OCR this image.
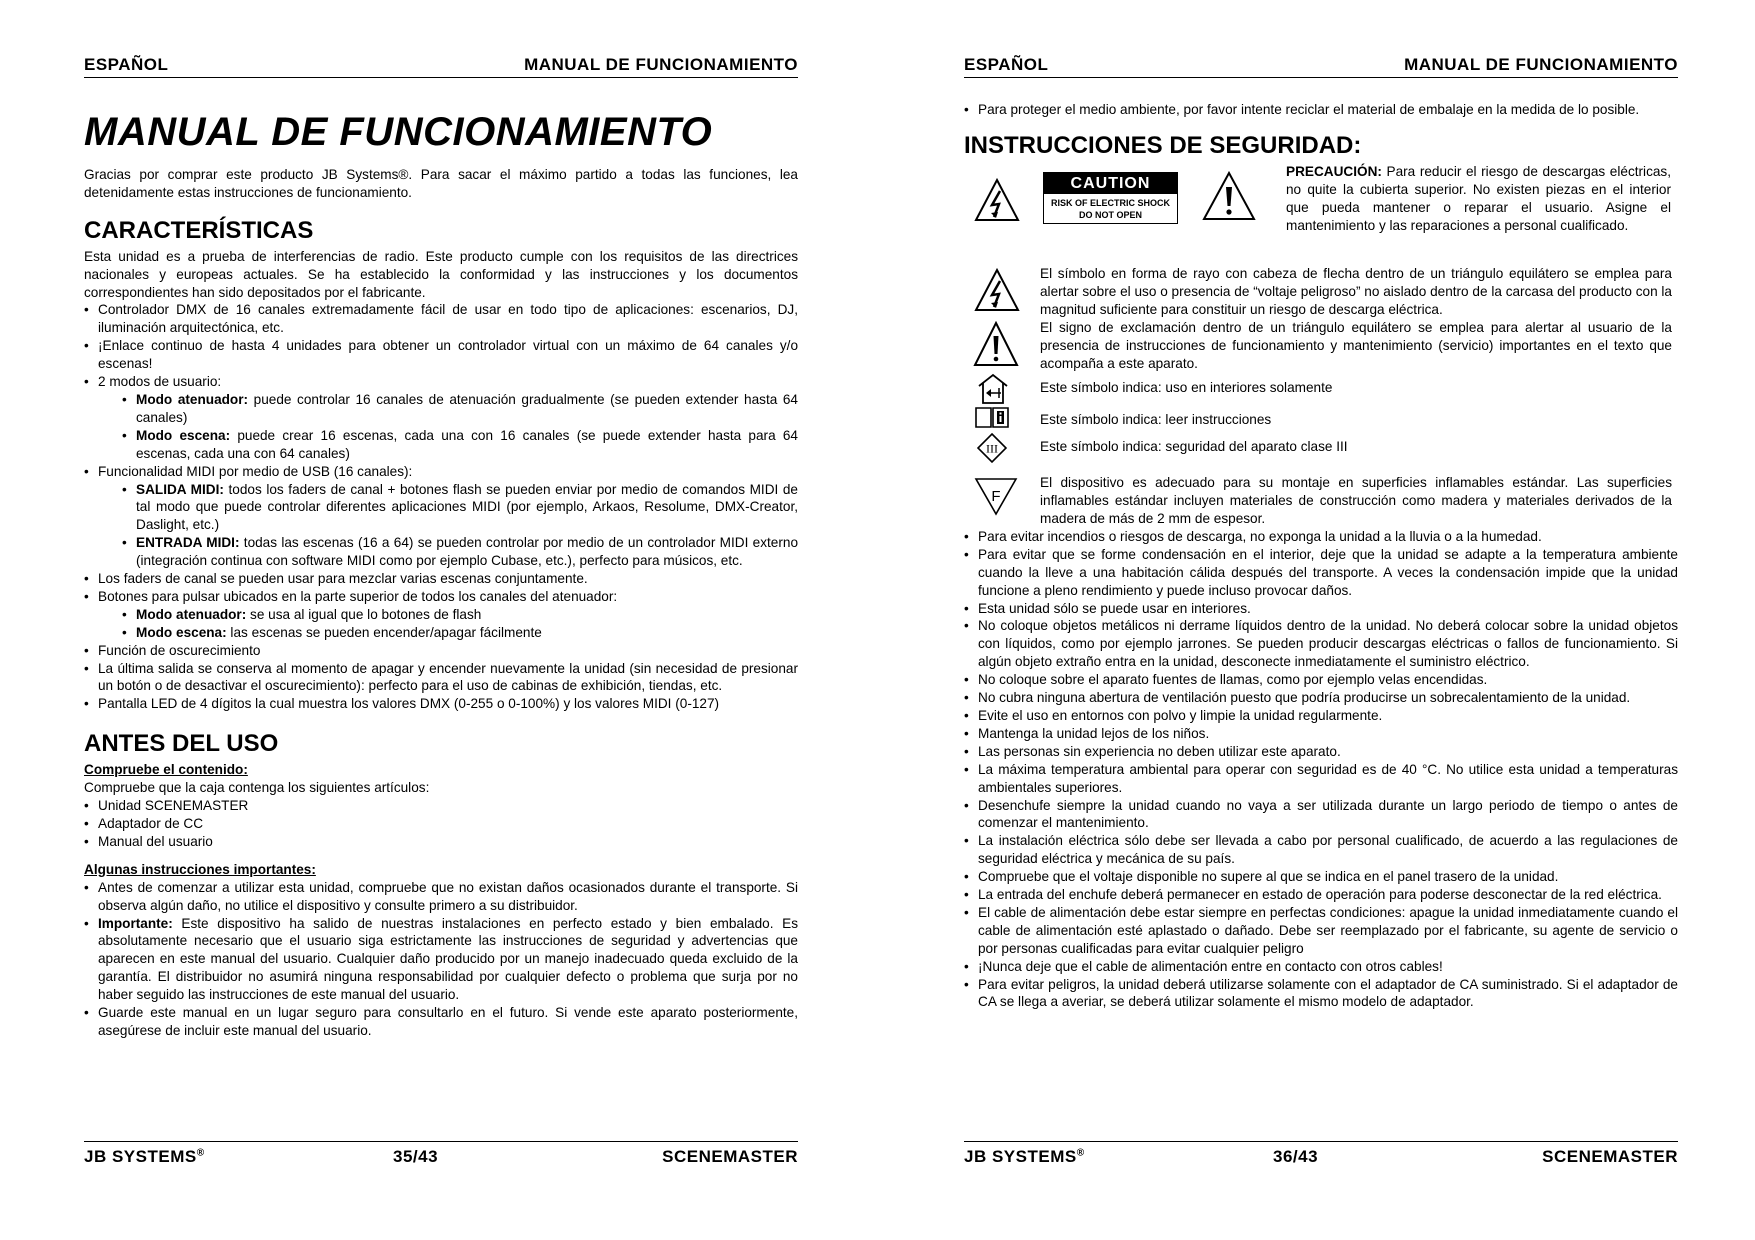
ESPAÑOL	MANUAL DE FUNCIONAMIENTO
MANUAL DE FUNCIONAMIENTO

Gracias por comprar este producto JB Systems®. Para sacar el máximo partido a todas las funciones, lea detenidamente estas instrucciones de funcionamiento.

CARACTERÍSTICAS

Esta unidad es a prueba de interferencias de radio. Este producto cumple con los requisitos de las directrices nacionales y europeas actuales. Se ha establecido la conformidad y las instrucciones y los documentos correspondientes han sido depositados por el fabricante.

• Controlador DMX de 16 canales extremadamente fácil de usar en todo tipo de aplicaciones: escenarios, DJ, iluminación arquitectónica, etc.
• ¡Enlace continuo de hasta 4 unidades para obtener un controlador virtual con un máximo de 64 canales y/o escenas!
• 2 modos de usuario:
• Modo atenuador: puede controlar 16 canales de atenuación gradualmente (se pueden extender hasta 64 canales)
• Modo escena: puede crear 16 escenas, cada una con 16 canales (se puede extender hasta para 64 escenas, cada una con 64 canales)
• Funcionalidad MIDI por medio de USB (16 canales):
• SALIDA MIDI: todos los faders de canal + botones flash se pueden enviar por medio de comandos MIDI de tal modo que puede controlar diferentes aplicaciones MIDI (por ejemplo, Arkaos, Resolume, DMX-Creator, Daslight, etc.)
• ENTRADA MIDI: todas las escenas (16 a 64) se pueden controlar por medio de un controlador MIDI externo (integración continua con software MIDI como por ejemplo Cubase, etc.), perfecto para músicos, etc.
• Los faders de canal se pueden usar para mezclar varias escenas conjuntamente.
• Botones para pulsar ubicados en la parte superior de todos los canales del atenuador:
• Modo atenuador: se usa al igual que lo botones de flash
• Modo escena: las escenas se pueden encender/apagar fácilmente
• Función de oscurecimiento
• La última salida se conserva al momento de apagar y encender nuevamente la unidad (sin necesidad de presionar un botón o de desactivar el oscurecimiento): perfecto para el uso de cabinas de exhibición, tiendas, etc.
• Pantalla LED de 4 dígitos la cual muestra los valores DMX (0-255 o 0-100%) y los valores MIDI (0-127)
ANTES DEL USO

Compruebe el contenido:

Compruebe que la caja contenga los siguientes artículos:

• Unidad SCENEMASTER
• Adaptador de CC
• Manual del usuario

Algunas instrucciones importantes:

• Antes de comenzar a utilizar esta unidad, compruebe que no existan daños ocasionados durante el transporte. Si observa algún daño, no utilice el dispositivo y consulte primero a su distribuidor.
• Importante: Este dispositivo ha salido de nuestras instalaciones en perfecto estado y bien embalado. Es absolutamente necesario que el usuario siga estrictamente las instrucciones de seguridad y advertencias que aparecen en este manual del usuario. Cualquier daño producido por un manejo inadecuado queda excluido de la garantía. El distribuidor no asumirá ninguna responsabilidad por cualquier defecto o problema que surja por no haber seguido las instrucciones de este manual del usuario.
• Guarde este manual en un lugar seguro para consultarlo en el futuro. Si vende este aparato posteriormente, asegúrese de incluir este manual del usuario.
JB SYSTEMS®	35/43	SCENEMASTER
ESPAÑOL	MANUAL DE FUNCIONAMIENTO
• Para proteger el medio ambiente, por favor intente reciclar el material de embalaje en la medida de lo posible.
INSTRUCCIONES DE SEGURIDAD:
CAUTION
RISK OF ELECTRIC SHOCK
DO NOT OPEN

PRECAUCIÓN: Para reducir el riesgo de descargas eléctricas, no quite la cubierta superior. No existen piezas en el interior que pueda mantener o reparar el usuario. Asigne el mantenimiento y las reparaciones a personal cualificado.

El símbolo en forma de rayo con cabeza de flecha dentro de un triángulo equilátero se emplea para alertar sobre el uso o presencia de “voltaje peligroso” no aislado dentro de la carcasa del producto con la magnitud suficiente para constituir un riesgo de descarga eléctrica.

El signo de exclamación dentro de un triángulo equilátero se emplea para alertar al usuario de la presencia de instrucciones de funcionamiento y mantenimiento (servicio) importantes en el texto que acompaña a este aparato.

Este símbolo indica: uso en interiores solamente

Este símbolo indica: leer instrucciones

III	Este símbolo indica: seguridad del aparato clase III

F

El dispositivo es adecuado para su montaje en superficies inflamables estándar. Las superficies inflamables estándar incluyen materiales de construcción como madera y materiales derivados de la madera de más de 2 mm de espesor.

• Para evitar incendios o riesgos de descarga, no exponga la unidad a la lluvia o a la humedad.
• Para evitar que se forme condensación en el interior, deje que la unidad se adapte a la temperatura ambiente cuando la lleve a una habitación cálida después del transporte. A veces la condensación impide que la unidad funcione a pleno rendimiento y puede incluso provocar daños.
• Esta unidad sólo se puede usar en interiores.
• No coloque objetos metálicos ni derrame líquidos dentro de la unidad. No deberá colocar sobre la unidad objetos con líquidos, como por ejemplo jarrones. Se pueden producir descargas eléctricas o fallos de funcionamiento. Si algún objeto extraño entra en la unidad, desconecte inmediatamente el suministro eléctrico.
• No coloque sobre el aparato fuentes de llamas, como por ejemplo velas encendidas.
• No cubra ninguna abertura de ventilación puesto que podría producirse un sobrecalentamiento de la unidad.
• Evite el uso en entornos con polvo y limpie la unidad regularmente.
• Mantenga la unidad lejos de los niños.
• Las personas sin experiencia no deben utilizar este aparato.
• La máxima temperatura ambiental para operar con seguridad es de 40 °C. No utilice esta unidad a temperaturas ambientales superiores.
• Desenchufe siempre la unidad cuando no vaya a ser utilizada durante un largo periodo de tiempo o antes de comenzar el mantenimiento.
• La instalación eléctrica sólo debe ser llevada a cabo por personal cualificado, de acuerdo a las regulaciones de seguridad eléctrica y mecánica de su país.
• Compruebe que el voltaje disponible no supere al que se indica en el panel trasero de la unidad.
• La entrada del enchufe deberá permanecer en estado de operación para poderse desconectar de la red eléctrica.
• El cable de alimentación debe estar siempre en perfectas condiciones: apague la unidad inmediatamente cuando el cable de alimentación esté aplastado o dañado. Debe ser reemplazado por el fabricante, su agente de servicio o por personas cualificadas para evitar cualquier peligro
• ¡Nunca deje que el cable de alimentación entre en contacto con otros cables!
• Para evitar peligros, la unidad deberá utilizarse solamente con el adaptador de CA suministrado. Si el adaptador de CA se llega a averiar, se deberá utilizar solamente el mismo modelo de adaptador.
JB SYSTEMS®	36/43	SCENEMASTER
